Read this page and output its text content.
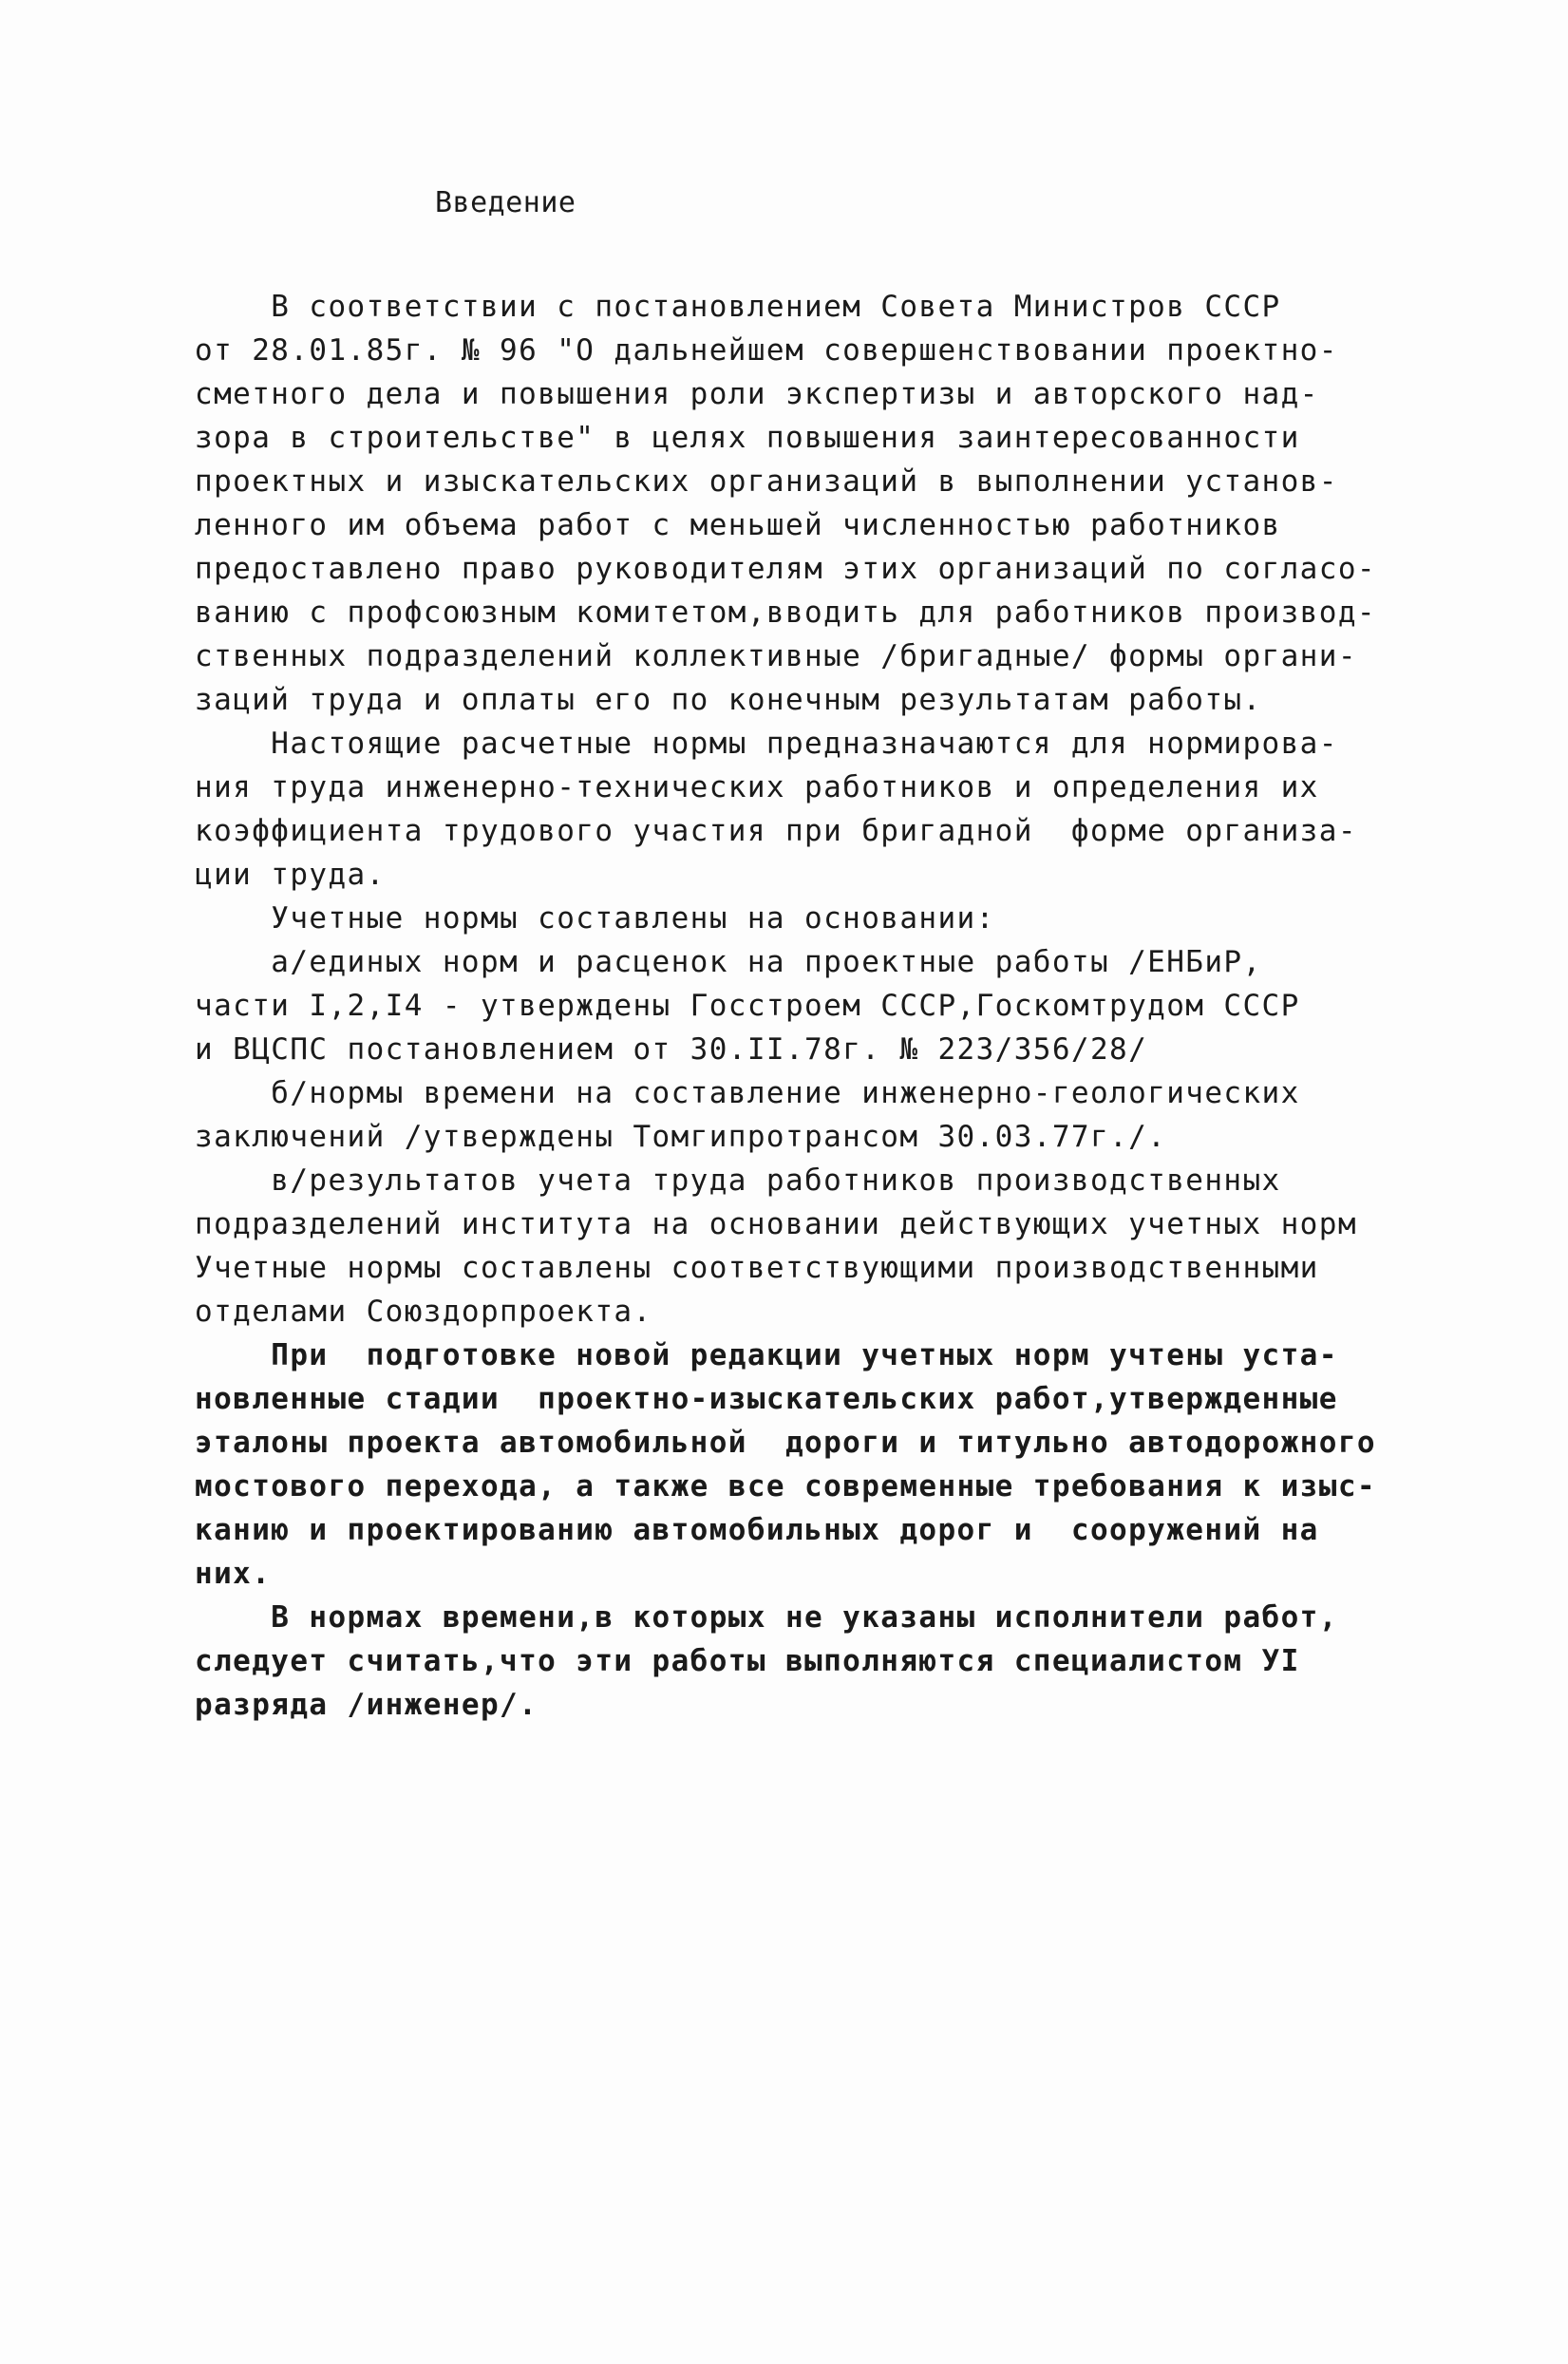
Введение
В соответствии с постановлением Совета Министров СССР
от 28.01.85г. № 96 "О дальнейшем совершенствовании проектно-
сметного дела и повышения роли экспертизы и авторского над-
зора в строительстве" в целях повышения заинтересованности
проектных и изыскательских организаций в выполнении установ-
ленного им объема работ с меньшей численностью работников
предоставлено право руководителям этих организаций по согласо-
ванию с профсоюзным комитетом,вводить для работников производ-
ственных подразделений коллективные /бригадные/ формы органи-
заций труда и оплаты его по конечным результатам работы.
Настоящие расчетные нормы предназначаются для нормирова-
ния труда инженерно-технических работников и определения их
коэффициента трудового участия при бригадной  форме организа-
ции труда.
Учетные нормы составлены на основании:
а/единых норм и расценок на проектные работы /ЕНБиР,
части I,2,I4 - утверждены Госстроем СССР,Госкомтрудом СССР
и ВЦСПС постановлением от 30.II.78г. № 223/356/28/
б/нормы времени на составление инженерно-геологических
заключений /утверждены Томгипротрансом 30.03.77г./.
в/результатов учета труда работников производственных
подразделений института на основании действующих учетных норм
Учетные нормы составлены соответствующими производственными
отделами Союздорпроекта.
При  подготовке новой редакции учетных норм учтены уста-
новленные стадии  проектно-изыскательских работ,утвержденные
эталоны проекта автомобильной  дороги и титульно автодорожного
мостового перехода, а также все современные требования к изыс-
канию и проектированию автомобильных дорог и  сооружений на
них.
В нормах времени,в которых не указаны исполнители работ,
следует считать,что эти работы выполняются специалистом УI
разряда /инженер/.
